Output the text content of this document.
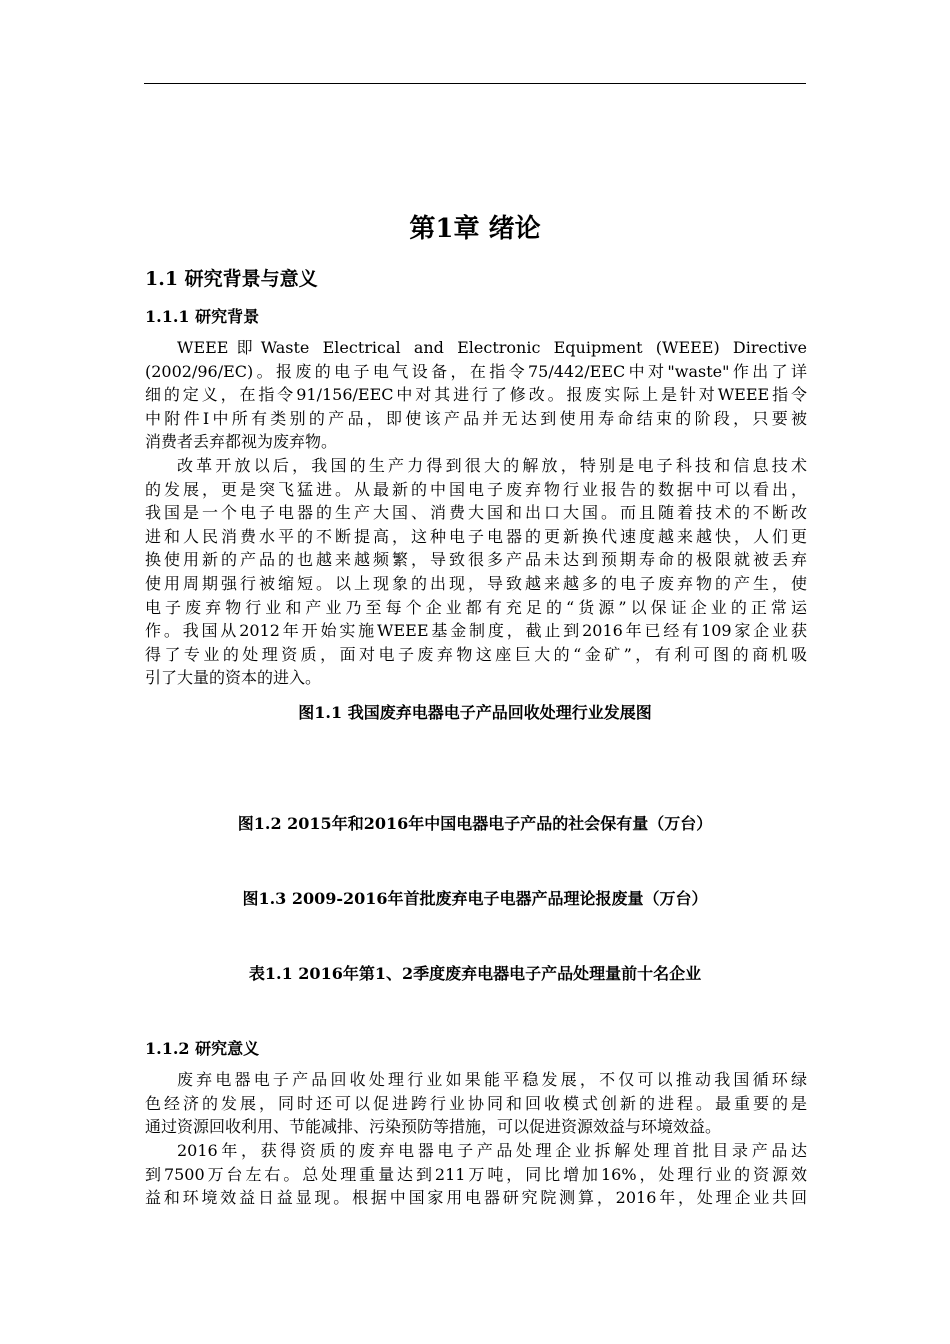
第1章 绪论
1.1 研究背景与意义
1.1.1 研究背景
WEEE即Waste Electrical and Electronic Equipment (WEEE) Directive
(2002/96/EC)。报废的电子电气设备，在指令75/442/EEC中对"waste"作出了详
细的定义，在指令91/156/EEC中对其进行了修改。报废实际上是针对WEEE指令
中附件Ⅰ中所有类别的产品，即使该产品并无达到使用寿命结束的阶段，只要被
消费者丢弃都视为废弃物。
改革开放以后，我国的生产力得到很大的解放，特别是电子科技和信息技术
的发展，更是突飞猛进。从最新的中国电子废弃物行业报告的数据中可以看出，
我国是一个电子电器的生产大国、消费大国和出口大国。而且随着技术的不断改
进和人民消费水平的不断提高，这种电子电器的更新换代速度越来越快，人们更
换使用新的产品的也越来越频繁，导致很多产品未达到预期寿命的极限就被丢弃
使用周期强行被缩短。以上现象的出现，导致越来越多的电子废弃物的产生，使
电子废弃物行业和产业乃至每个企业都有充足的“货源”以保证企业的正常运
作。我国从2012年开始实施WEEE基金制度，截止到2016年已经有109家企业获
得了专业的处理资质，面对电子废弃物这座巨大的“金矿”，有利可图的商机吸
引了大量的资本的进入。
图1.1 我国废弃电器电子产品回收处理行业发展图
图1.2 2015年和2016年中国电器电子产品的社会保有量（万台）
图1.3 2009-2016年首批废弃电子电器产品理论报废量（万台）
表1.1 2016年第1、2季度废弃电器电子产品处理量前十名企业
1.1.2 研究意义
废弃电器电子产品回收处理行业如果能平稳发展，不仅可以推动我国循环绿
色经济的发展，同时还可以促进跨行业协同和回收模式创新的进程。最重要的是
通过资源回收利用、节能减排、污染预防等措施，可以促进资源效益与环境效益。
2016年，获得资质的废弃电器电子产品处理企业拆解处理首批目录产品达
到7500万台左右。总处理重量达到211万吨，同比增加16%，处理行业的资源效
益和环境效益日益显现。根据中国家用电器研究院测算，2016年，处理企业共回
